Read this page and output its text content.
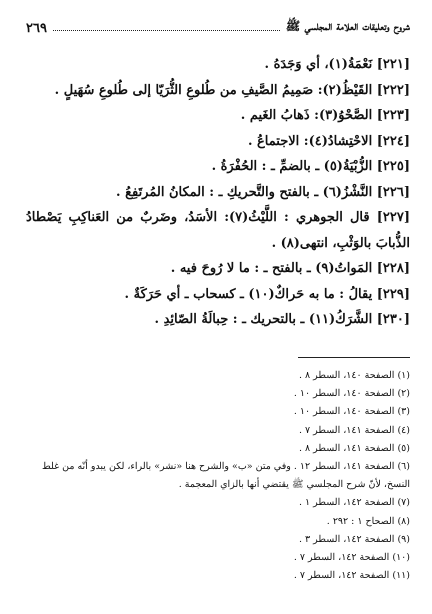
شروح وتعليقات العلامة المجلسي ﷺ
٢٦٩

[٢٢١] نَعْمَةُ(١)، أي وَجَدَهُ .

[٢٢٢] القَيْظُ(٢): صَمِيمُ الصَّيفِ من طُلوعِ الثُّرَيّا إلى طُلوعِ سُهَيلٍ .

[٢٢٣] الصَّحْوُ(٣): ذَهابُ الغَيم .

[٢٢٤] الاحْتِشادُ(٤): الاجتماعُ .

[٢٢٥] الزُّبْيَةُ(٥) ـ بالضمِّ ـ : الحُفْرَةُ .

[٢٢٦] النَّشْزُ(٦) ـ بالفتح والتَّحريكِ ـ : المكانُ المُرتَفِعُ .

[٢٢٧] قال الجوهري : اللَّيْثُ(٧): الأسَدُ، وضَربٌ من العَناكِبِ يَصْطادُ الذُّبابَ بالوَثْبِ، انتهى(٨) .

[٢٢٨] المَواتُ(٩) ـ بالفتح ـ : ما لا رُوحَ فيه .

[٢٢٩] يقالُ : ما به حَراكٌ(١٠) ـ كسحاب ـ أي حَرَكَةٌ .

[٢٣٠] الشَّرَكُ(١١) ـ بالتحريك ـ : حِبالَةُ الصّائِدِ .

(١) الصفحة ١٤٠، السطر ٨ .

(٢) الصفحة ١٤٠، السطر ١٠ .

(٣) الصفحة ١٤٠، السطر ١٠ .

(٤) الصفحة ١٤١، السطر ٧ .

(٥) الصفحة ١٤١، السطر ٨ .

(٦) الصفحة ١٤١، السطر ١٢ . وفي متن «ب» والشرح هنا «نشر» بالراء، لكن يبدو أنّه من غلط النسخ، لأنّ شرح المجلسي ﷺ يقتضي أنها بالزاي المعجمة .

(٧) الصفحة ١٤٢، السطر ١ .

(٨) الصحاح ١ : ٢٩٢ .

(٩) الصفحة ١٤٢، السطر ٣ .

(١٠) الصفحة ١٤٢، السطر ٧ .

(١١) الصفحة ١٤٢، السطر ٧ .
